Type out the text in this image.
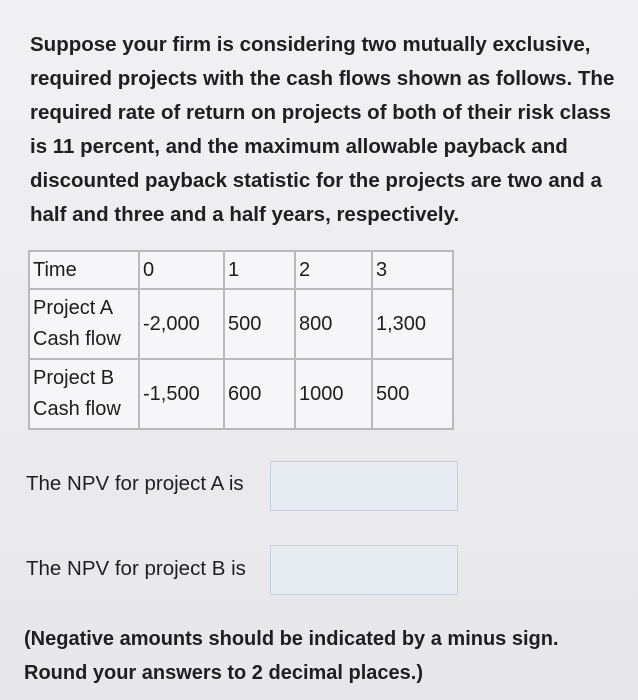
Suppose your firm is considering two mutually exclusive,
required projects with the cash flows shown as follows. The
required rate of return on projects of both of their risk class
is 11 percent, and the maximum allowable payback and
discounted payback statistic for the projects are two and a
half and three and a half years, respectively.

Time	0	1	2	3
Project A
Cash flow	-2,000	500	800	1,300
Project B
Cash flow	-1,500	600	1000	500
The NPV for project A is
The NPV for project B is

(Negative amounts should be indicated by a minus sign.
Round your answers to 2 decimal places.)
